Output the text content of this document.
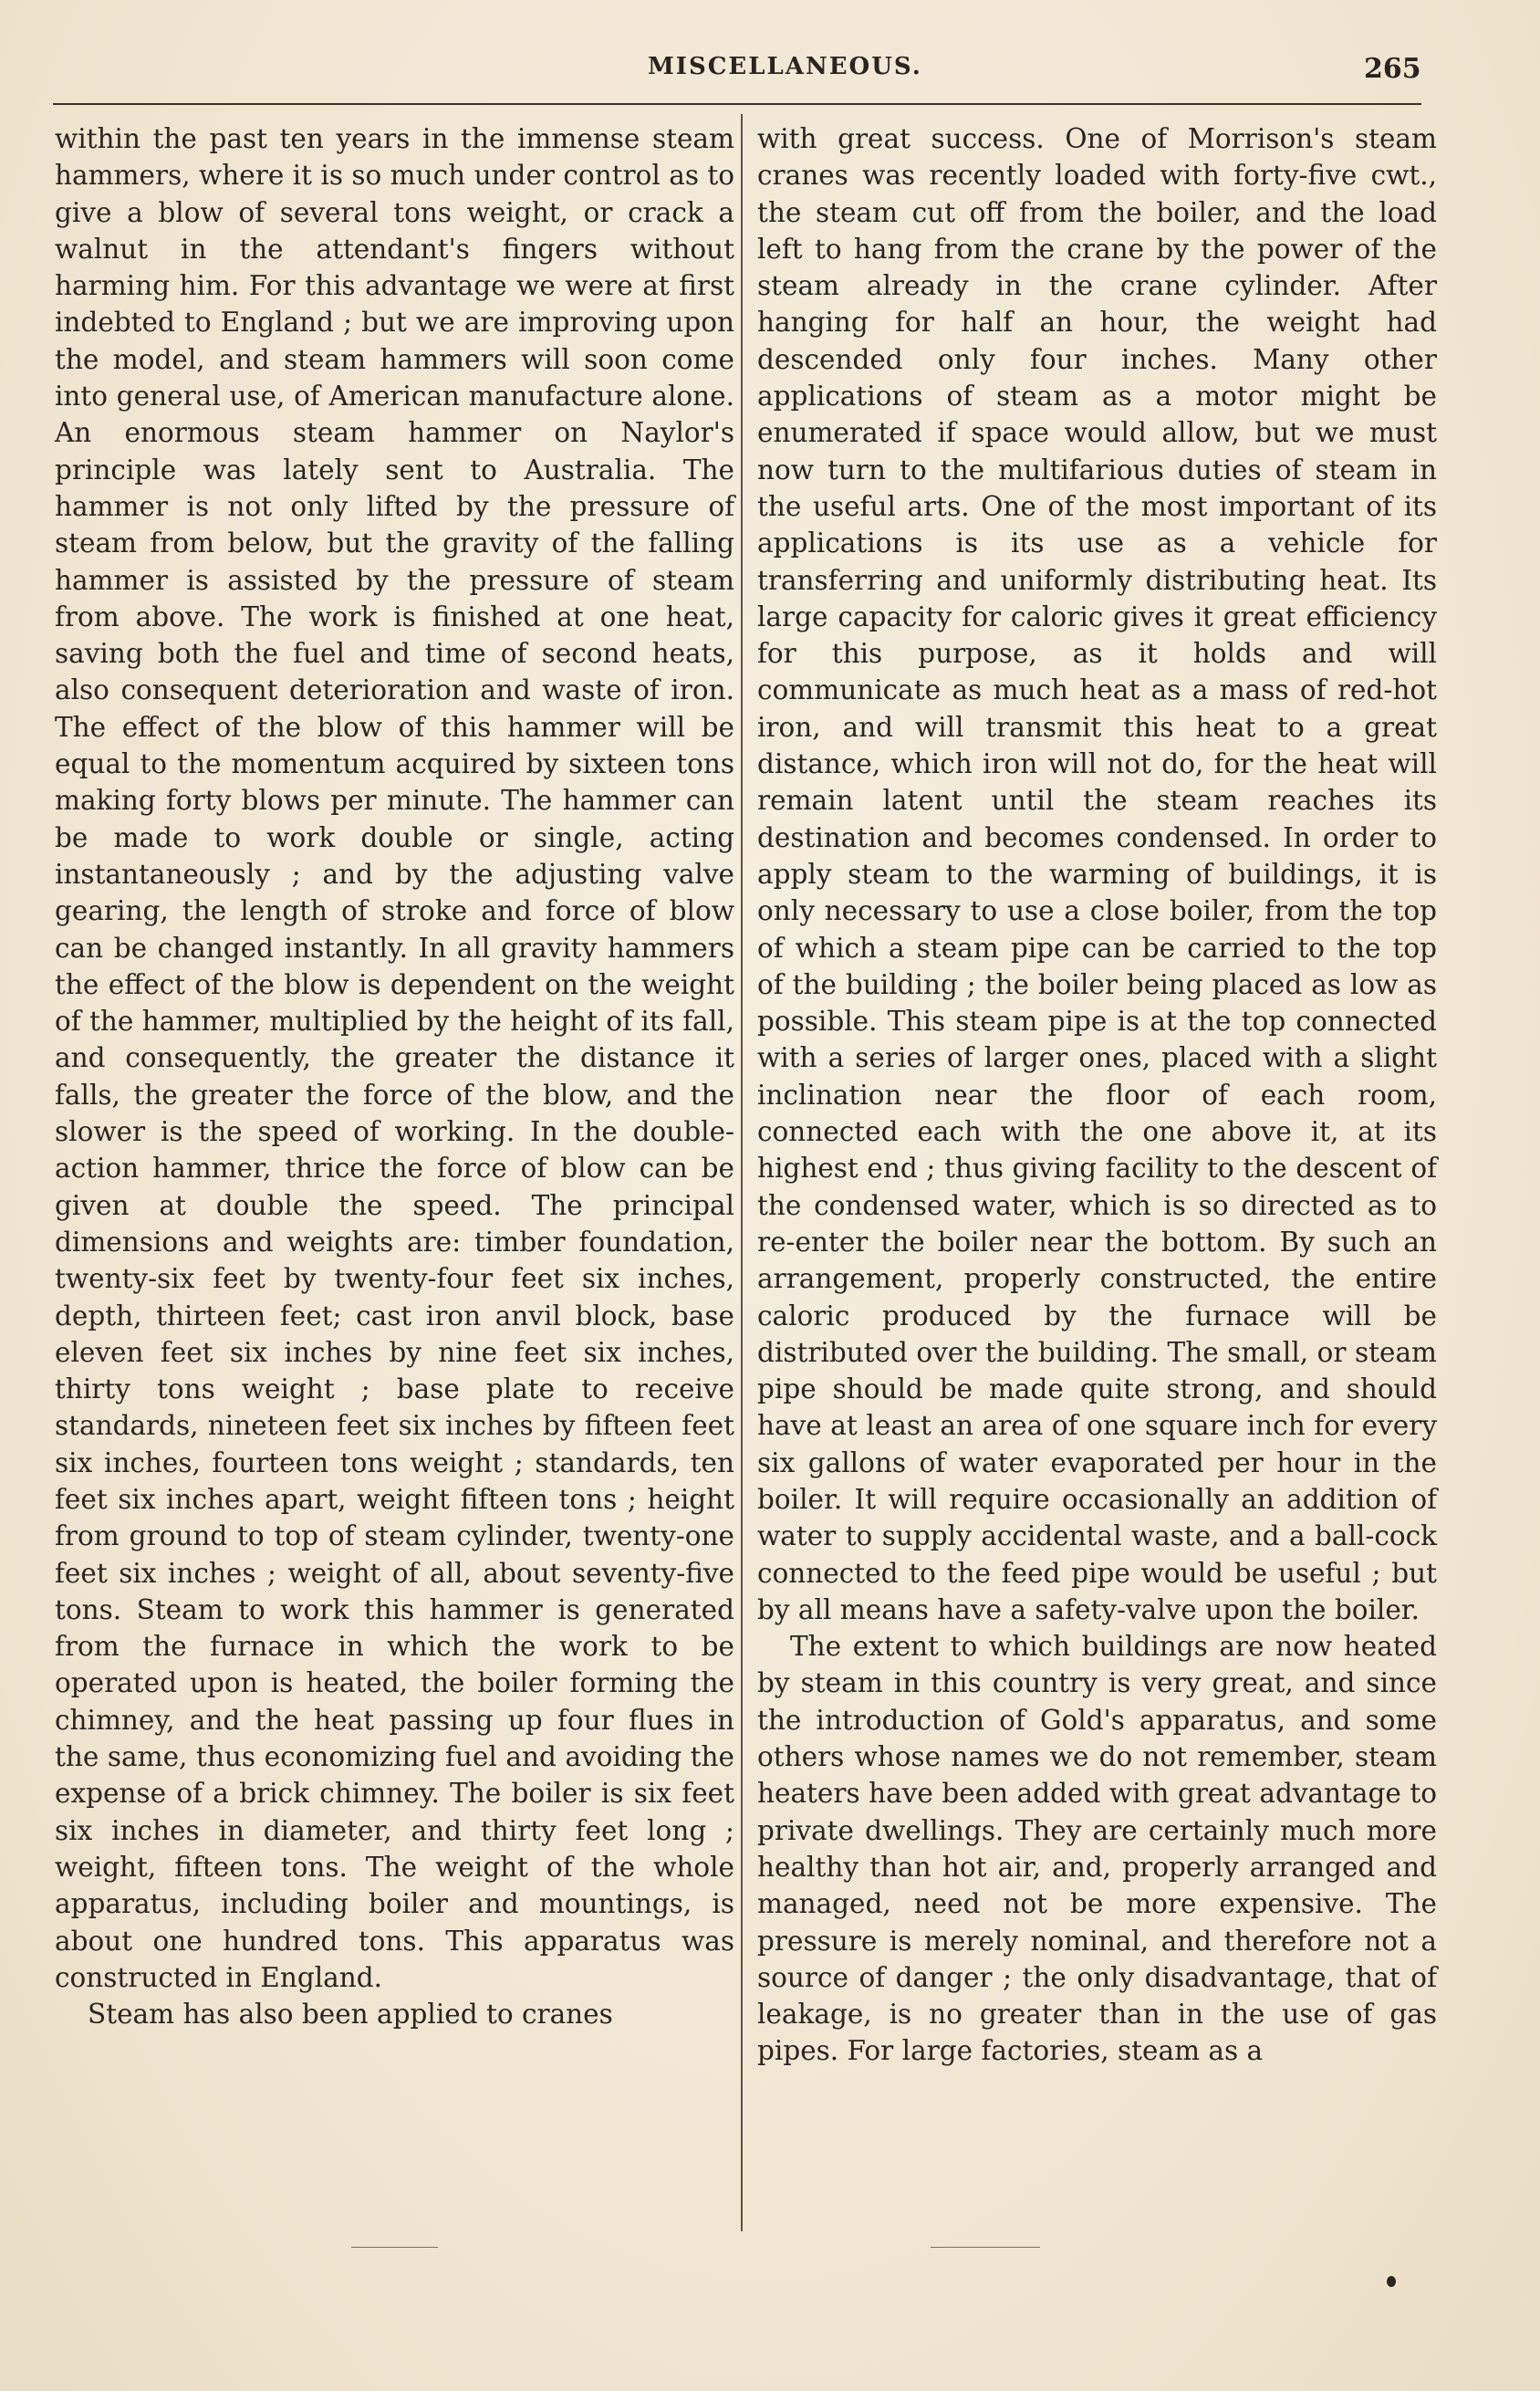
MISCELLANEOUS.	265

within the past ten years in the immense steam hammers, where it is so much under control as to give a blow of several tons weight, or crack a walnut in the attendant's fingers without harming him. For this advantage we were at first indebted to England ; but we are improving upon the model, and steam hammers will soon come into general use, of American manufacture alone. An enormous steam hammer on Naylor's principle was lately sent to Australia. The hammer is not only lifted by the pressure of steam from below, but the gravity of the falling hammer is assisted by the pressure of steam from above. The work is finished at one heat, saving both the fuel and time of second heats, also consequent deterioration and waste of iron. The effect of the blow of this hammer will be equal to the momentum acquired by sixteen tons making forty blows per minute. The hammer can be made to work double or single, acting instantaneously ; and by the adjusting valve gearing, the length of stroke and force of blow can be changed instantly. In all gravity hammers the effect of the blow is dependent on the weight of the hammer, multiplied by the height of its fall, and consequently, the greater the distance it falls, the greater the force of the blow, and the slower is the speed of working. In the double-action hammer, thrice the force of blow can be given at double the speed. The principal dimensions and weights are: timber foundation, twenty-six feet by twenty-four feet six inches, depth, thirteen feet; cast iron anvil block, base eleven feet six inches by nine feet six inches, thirty tons weight ; base plate to receive standards, nineteen feet six inches by fifteen feet six inches, fourteen tons weight ; standards, ten feet six inches apart, weight fifteen tons ; height from ground to top of steam cylinder, twenty-one feet six inches ; weight of all, about seventy-five tons. Steam to work this hammer is generated from the furnace in which the work to be operated upon is heated, the boiler forming the chimney, and the heat passing up four flues in the same, thus economizing fuel and avoiding the expense of a brick chimney. The boiler is six feet six inches in diameter, and thirty feet long ; weight, fifteen tons. The weight of the whole apparatus, including boiler and mountings, is about one hundred tons. This apparatus was constructed in England.

Steam has also been applied to cranes

with great success. One of Morrison's steam cranes was recently loaded with forty-five cwt., the steam cut off from the boiler, and the load left to hang from the crane by the power of the steam already in the crane cylinder. After hanging for half an hour, the weight had descended only four inches. Many other applications of steam as a motor might be enumerated if space would allow, but we must now turn to the multifarious duties of steam in the useful arts. One of the most important of its applications is its use as a vehicle for transferring and uniformly distributing heat. Its large capacity for caloric gives it great efficiency for this purpose, as it holds and will communicate as much heat as a mass of red-hot iron, and will transmit this heat to a great distance, which iron will not do, for the heat will remain latent until the steam reaches its destination and becomes condensed. In order to apply steam to the warming of buildings, it is only necessary to use a close boiler, from the top of which a steam pipe can be carried to the top of the building ; the boiler being placed as low as possible. This steam pipe is at the top connected with a series of larger ones, placed with a slight inclination near the floor of each room, connected each with the one above it, at its highest end ; thus giving facility to the descent of the condensed water, which is so directed as to re-enter the boiler near the bottom. By such an arrangement, properly constructed, the entire caloric produced by the furnace will be distributed over the building. The small, or steam pipe should be made quite strong, and should have at least an area of one square inch for every six gallons of water evaporated per hour in the boiler. It will require occasionally an addition of water to supply accidental waste, and a ball-cock connected to the feed pipe would be useful ; but by all means have a safety-valve upon the boiler.

The extent to which buildings are now heated by steam in this country is very great, and since the introduction of Gold's apparatus, and some others whose names we do not remember, steam heaters have been added with great advantage to private dwellings. They are certainly much more healthy than hot air, and, properly arranged and managed, need not be more expensive. The pressure is merely nominal, and therefore not a source of danger ; the only disadvantage, that of leakage, is no greater than in the use of gas pipes. For large factories, steam as a
